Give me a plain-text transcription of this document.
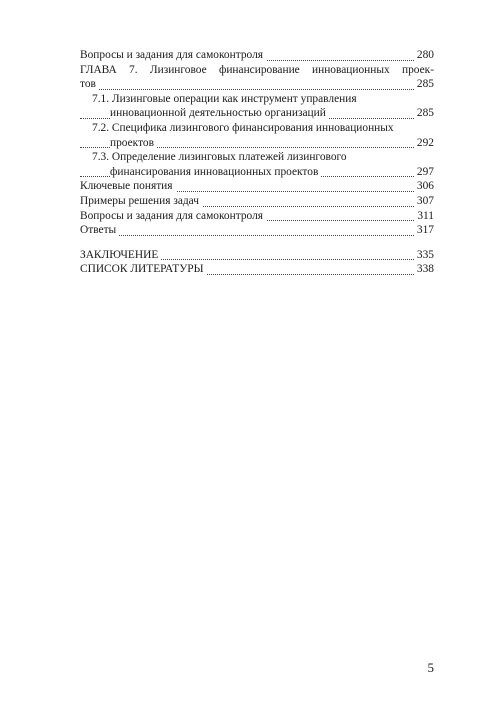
Вопросы и задания для самоконтроля	280
ГЛАВА 7. Лизинговое финансирование инновационных проек-
тов	285
7.1. Лизинговые операции как инструмент управления
инновационной деятельностью организаций	285
7.2. Специфика лизингового финансирования инновационных
проектов	292
7.3. Определение лизинговых платежей лизингового
финансирования инновационных проектов	297
Ключевые понятия	306
Примеры решения задач	307
Вопросы и задания для самоконтроля	311
Ответы	317
ЗАКЛЮЧЕНИЕ	335
СПИСОК ЛИТЕРАТУРЫ	338
5
